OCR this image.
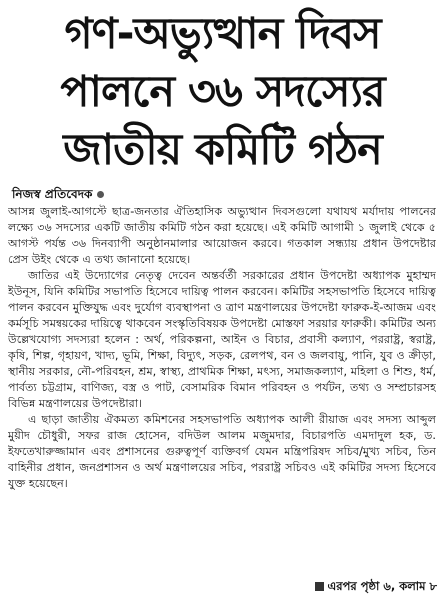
গণ-অভ্যুত্থান দিবস
পালনে ৩৬ সদস্যের
জাতীয় কমিটি গঠন
নিজস্ব প্রতিবেদক

আসন্ন জুলাই-আগস্টে ছাত্র-জনতার ঐতিহাসিক অভ্যুত্থান দিবসগুলো যথাযথ মর্যাদায় পালনের লক্ষ্যে ৩৬ সদস্যের একটি জাতীয় কমিটি গঠন করা হয়েছে। এই কমিটি আগামী ১ জুলাই থেকে ৫ আগস্ট পর্যন্ত ৩৬ দিনব্যাপী অনুষ্ঠানমালার আয়োজন করবে। গতকাল সন্ধ্যায় প্রধান উপদেষ্টার প্রেস উইং থেকে এ তথ্য জানানো হয়েছে।

জাতির এই উদ্যোগের নেতৃত্ব দেবেন অন্তর্বর্তী সরকারের প্রধান উপদেষ্টা অধ্যাপক মুহাম্মদ ইউনূস, যিনি কমিটির সভাপতি হিসেবে দায়িত্ব পালন করবেন। কমিটির সহসভাপতি হিসেবে দায়িত্ব পালন করবেন মুক্তিযুদ্ধ এবং দুর্যোগ ব্যবস্থাপনা ও ত্রাণ মন্ত্রণালয়ের উপদেষ্টা ফারুক-ই-আজম এবং কর্মসূচি সমন্বয়কের দায়িত্বে থাকবেন সংস্কৃতিবিষয়ক উপদেষ্টা মোস্তফা সরয়ার ফারুকী। কমিটির অন্য উল্লেখযোগ্য সদস্যরা হলেন : অর্থ, পরিকল্পনা, আইন ও বিচার, প্রবাসী কল্যাণ, পররাষ্ট্র, স্বরাষ্ট্র, কৃষি, শিল্প, গৃহায়ণ, খাদ্য, ভূমি, শিক্ষা, বিদ্যুৎ, সড়ক, রেলপথ, বন ও জলবায়ু, পানি, যুব ও ক্রীড়া, স্থানীয় সরকার, নৌ-পরিবহন, শ্রম, স্বাস্থ্য, প্রাথমিক শিক্ষা, মৎস্য, সমাজকল্যাণ, মহিলা ও শিশু, ধর্ম, পার্বত্য চট্টগ্রাম, বাণিজ্য, বস্ত্র ও পাট, বেসামরিক বিমান পরিবহন ও পর্যটন, তথ্য ও সম্প্রচারসহ বিভিন্ন মন্ত্রণালয়ের উপদেষ্টারা।

এ ছাড়া জাতীয় ঐকমত্য কমিশনের সহসভাপতি অধ্যাপক আলী রীয়াজ এবং সদস্য আব্দুল মুয়ীদ চৌধুরী, সফর রাজ হোসেন, বদিউল আলম মজুমদার, বিচারপতি এমদাদুল হক, ড. ইফতেখারুজ্জামান এবং প্রশাসনের গুরুত্বপূর্ণ ব্যক্তিবর্গ যেমন মন্ত্রিপরিষদ সচিব/মুখ্য সচিব, তিন বাহিনীর প্রধান, জনপ্রশাসন ও অর্থ মন্ত্রণালয়ের সচিব, পররাষ্ট্র সচিবও এই কমিটির সদস্য হিসেবে যুক্ত হয়েছেন।

এরপর পৃষ্ঠা ৬, কলাম ৮
